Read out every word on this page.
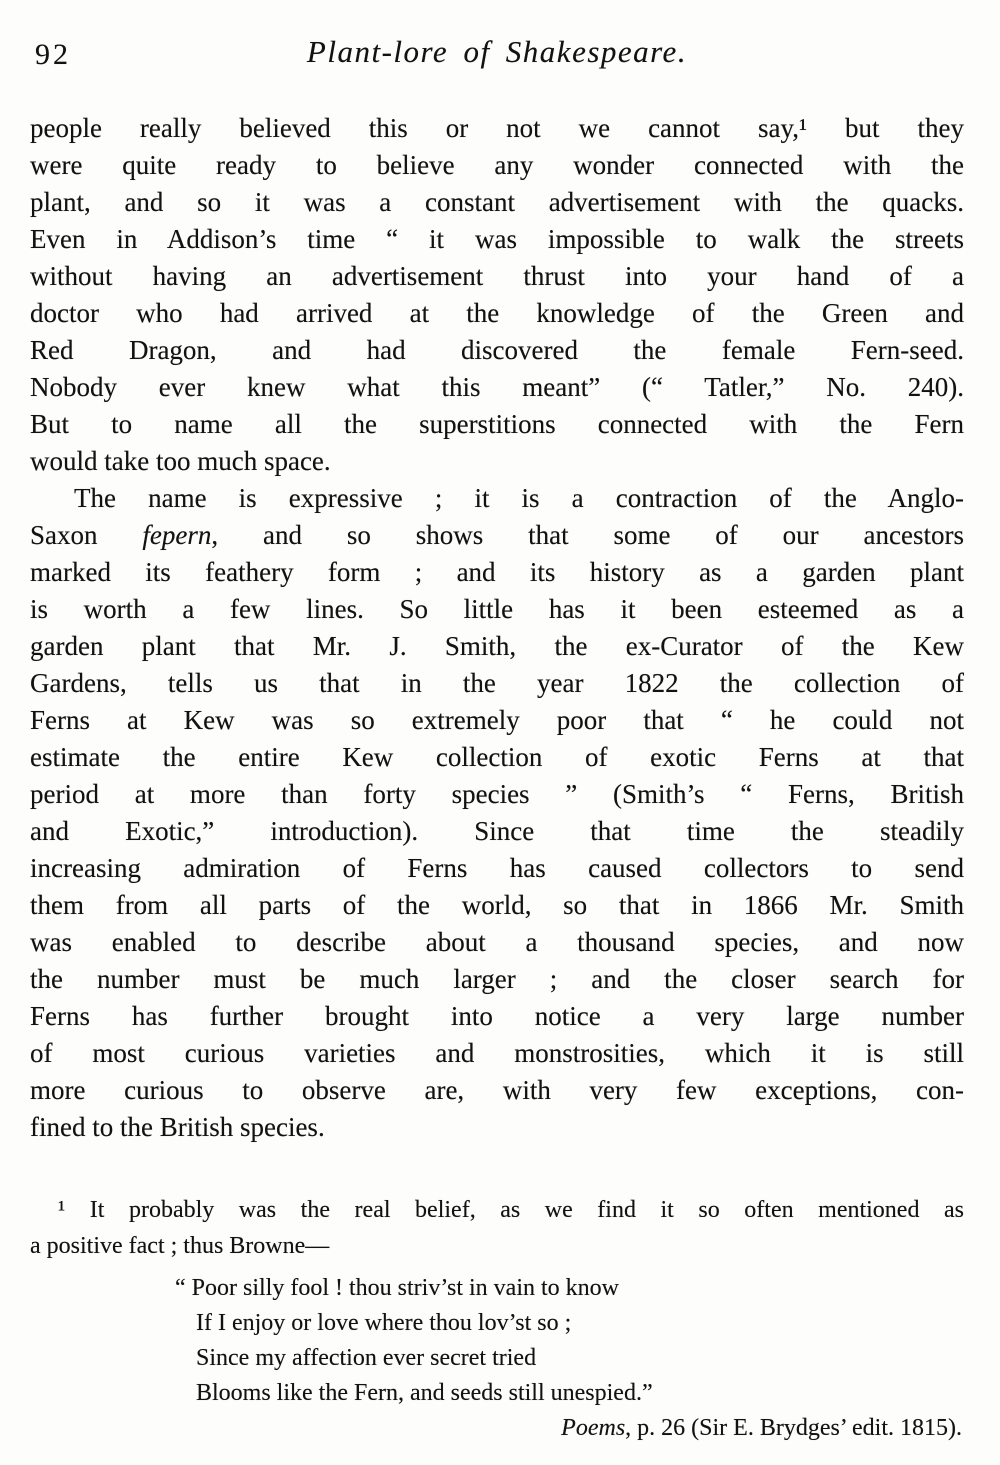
92	Plant-lore of Shakespeare.
people really believed this or not we cannot say,¹ but they
were quite ready to believe any wonder connected with the
plant, and so it was a constant advertisement with the quacks.
Even in Addison’s time “ it was impossible to walk the streets
without having an advertisement thrust into your hand of a
doctor who had arrived at the knowledge of the Green and
Red Dragon, and had discovered the female Fern-seed.
Nobody ever knew what this meant” (“ Tatler,” No. 240).
But to name all the superstitions connected with the Fern
would take too much space.
The name is expressive ; it is a contraction of the Anglo-
Saxon fepern, and so shows that some of our ancestors
marked its feathery form ; and its history as a garden plant
is worth a few lines. So little has it been esteemed as a
garden plant that Mr. J. Smith, the ex-Curator of the Kew
Gardens, tells us that in the year 1822 the collection of
Ferns at Kew was so extremely poor that “ he could not
estimate the entire Kew collection of exotic Ferns at that
period at more than forty species ” (Smith’s “ Ferns, British
and Exotic,” introduction). Since that time the steadily
increasing admiration of Ferns has caused collectors to send
them from all parts of the world, so that in 1866 Mr. Smith
was enabled to describe about a thousand species, and now
the number must be much larger ; and the closer search for
Ferns has further brought into notice a very large number
of most curious varieties and monstrosities, which it is still
more curious to observe are, with very few exceptions, con-
fined to the British species.
¹ It probably was the real belief, as we find it so often mentioned as
a positive fact ; thus Browne—
“ Poor silly fool ! thou striv’st in vain to know
If I enjoy or love where thou lov’st so ;
Since my affection ever secret tried
Blooms like the Fern, and seeds still unespied.”
Poems, p. 26 (Sir E. Brydges’ edit. 1815).
